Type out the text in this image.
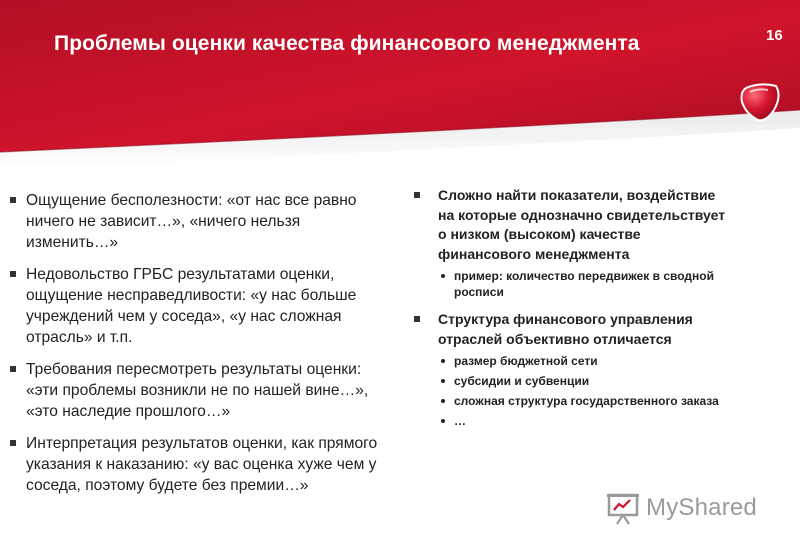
Проблемы оценки качества финансового менеджмента	16
Ощущение бесполезности: «от нас все равно ничего не зависит…», «ничего нельзя изменить…»
Недовольство ГРБС результатами оценки, ощущение несправедливости: «у нас больше учреждений чем у соседа», «у нас сложная отрасль» и т.п.
Требования пересмотреть результаты оценки: «эти проблемы возникли не по нашей вине…», «это наследие прошлого…»
Интерпретация результатов оценки, как прямого указания к наказанию: «у вас оценка хуже чем у соседа, поэтому будете без премии…»
Сложно найти показатели, воздействие
на которые однозначно свидетельствует
о низком (высоком) качестве
финансового менеджмента
пример: количество передвижек в сводной
росписи
Структура финансового управления
отраслей объективно отличается
размер бюджетной сети
субсидии и субвенции
сложная структура государственного заказа
…
MyShared
